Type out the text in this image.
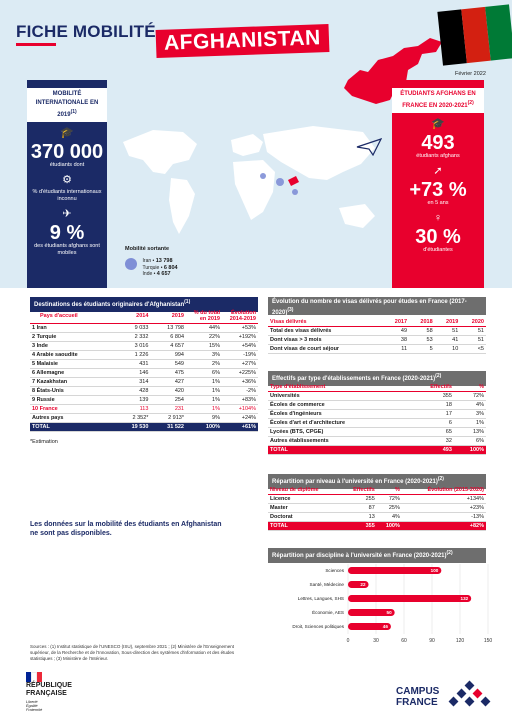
FICHE MOBILITÉ AFGHANISTAN
Février 2022
Mobilité sortante
Iran • 13 798
Turquie • 6 804
Inde • 4 657
MOBILITÉ INTERNATIONALE EN 2019$^{(1)}$
🎓
370 000
étudiants dont
⚙
% d'étudiants internationaux inconnu
✈
9 %
des étudiants afghans sont mobiles
ÉTUDIANTS AFGHANS EN FRANCE EN 2020-2021$^{(2)}$
🎓
493
étudiants afghans
➚
+73 %
en 5 ans
♀
30 %
d'étudiantes
Destinations des étudiants originaires d'Afghanistan$^{(1)}$
Pays d'accueil	2014	2019	% du total en 2019	Évolution 2014-2019
1 Iran	9 033	13 798	44%	+53%
2 Turquie	2 332	6 804	22%	+192%
3 Inde	3 016	4 657	15%	+54%
4 Arabie saoudite	1 226	994	3%	-19%
5 Malaisie	431	549	2%	+27%
6 Allemagne	146	475	6%	+225%
7 Kazakhstan	314	427	1%	+36%
8 États-Unis	428	420	1%	-2%
9 Russie	139	254	1%	+83%
10 France	113	231	1%	+104%
Autres pays	2 352*	2 913*	9%	+24%
TOTAL	19 530	31 522	100%	+61%
*Estimation
Évolution du nombre de visas délivrés pour études en France (2017-2020)$^{(3)}$
Visas délivrés	2017	2018	2019	2020
Total des visas délivrés	49	58	51	51
Dont visas > 3 mois	38	53	41	51
Dont visas de court séjour	11	5	10	<5
Effectifs par type d'établissements en France (2020-2021)$^{(2)}$
Type d'établissement	Effectifs	%
Universités	355	72%
Écoles de commerce	18	4%
Écoles d'ingénieurs	17	3%
Écoles d'art et d'architecture	6	1%
Lycées (BTS, CPGE)	65	13%
Autres établissements	32	6%
TOTAL	493	100%
Répartition par niveau à l'université en France (2020-2021)$^{(2)}$
Niveau de diplôme	Effectifs	%	Évolution (2015-2020)
Licence	255	72%	+134%
Master	87	25%	+23%
Doctorat	13	4%	-13%
TOTAL	355	100%	+82%
Les données sur la mobilité des étudiants en Afghanistan ne sont pas disponibles.
Répartition par discipline à l'université en France (2020-2021)$^{(2)}$
0	30	60	90	120	150
Sciences	100
Santé, Médecine	22
Lettres, Langues, SHS	132
Économie, AES	50
Droit, Sciences politiques	46
Sources : (1) Institut statistique de l'UNESCO (ISU), septembre 2021 ; (2) Ministère de l'Enseignement supérieur, de la Recherche et de l'Innovation, Sous-direction des systèmes d'information et des études statistiques ; (3) Ministère de l'Intérieur.
RÉPUBLIQUE
FRANÇAISE
Liberté
Égalité
Fraternité
CAMPUS
FRANCE
